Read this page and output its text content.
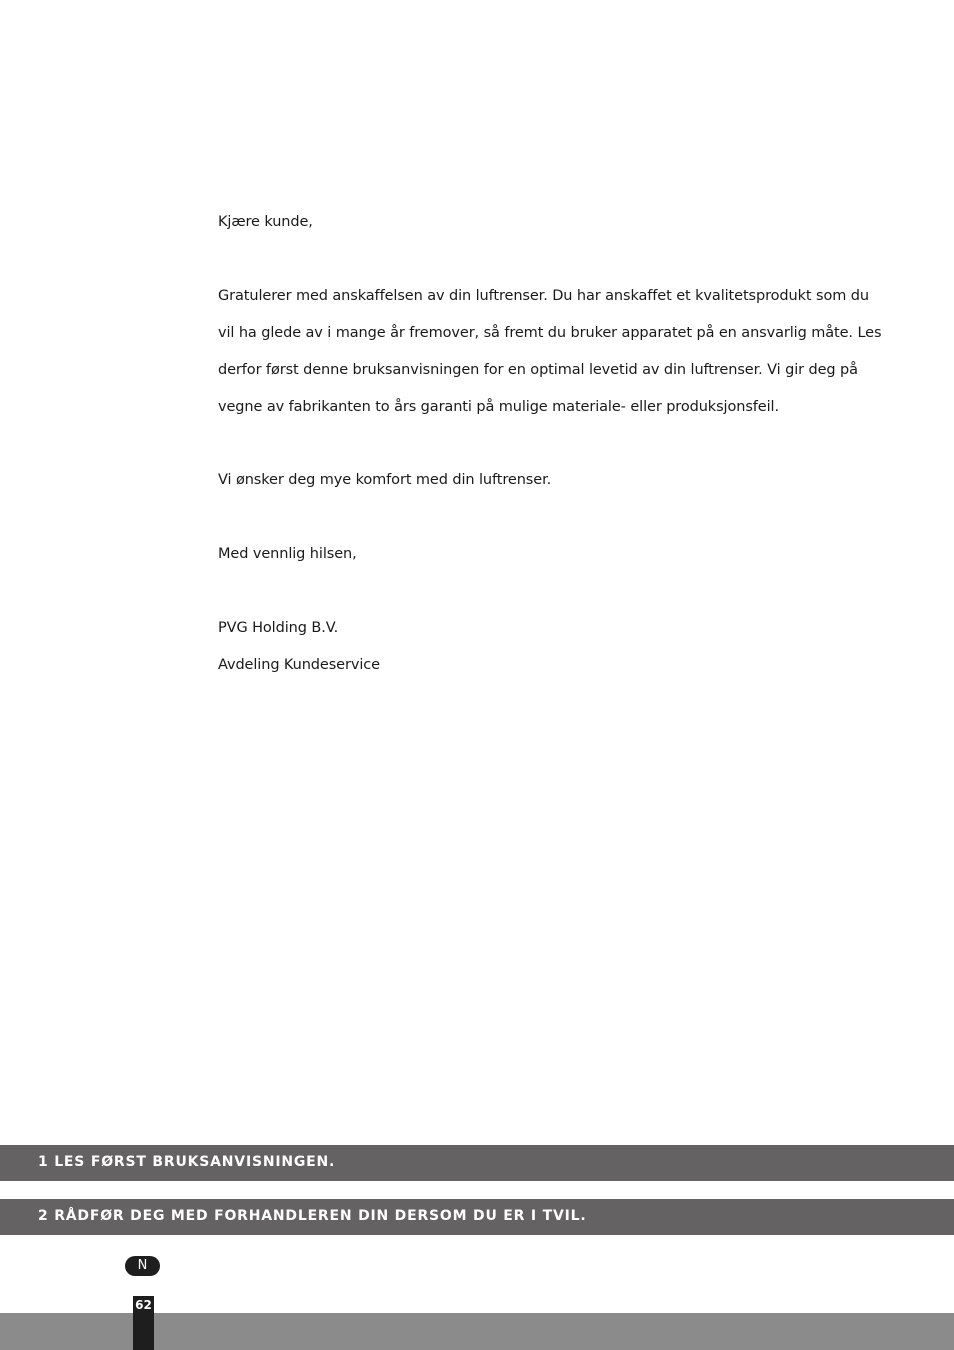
Kjære kunde,
Gratulerer med anskaffelsen av din luftrenser. Du har anskaffet et kvalitetsprodukt som du
vil ha glede av i mange år fremover, så fremt du bruker apparatet på en ansvarlig måte. Les
derfor først denne bruksanvisningen for en optimal levetid av din luftrenser. Vi gir deg på
vegne av fabrikanten to års garanti på mulige materiale- eller produksjonsfeil.
Vi ønsker deg mye komfort med din luftrenser.
Med vennlig hilsen,
PVG Holding B.V.
Avdeling Kundeservice
1 LES FØRST BRUKSANVISNINGEN.
2 RÅDFØR DEG MED FORHANDLEREN DIN DERSOM DU ER I TVIL.
N
62
